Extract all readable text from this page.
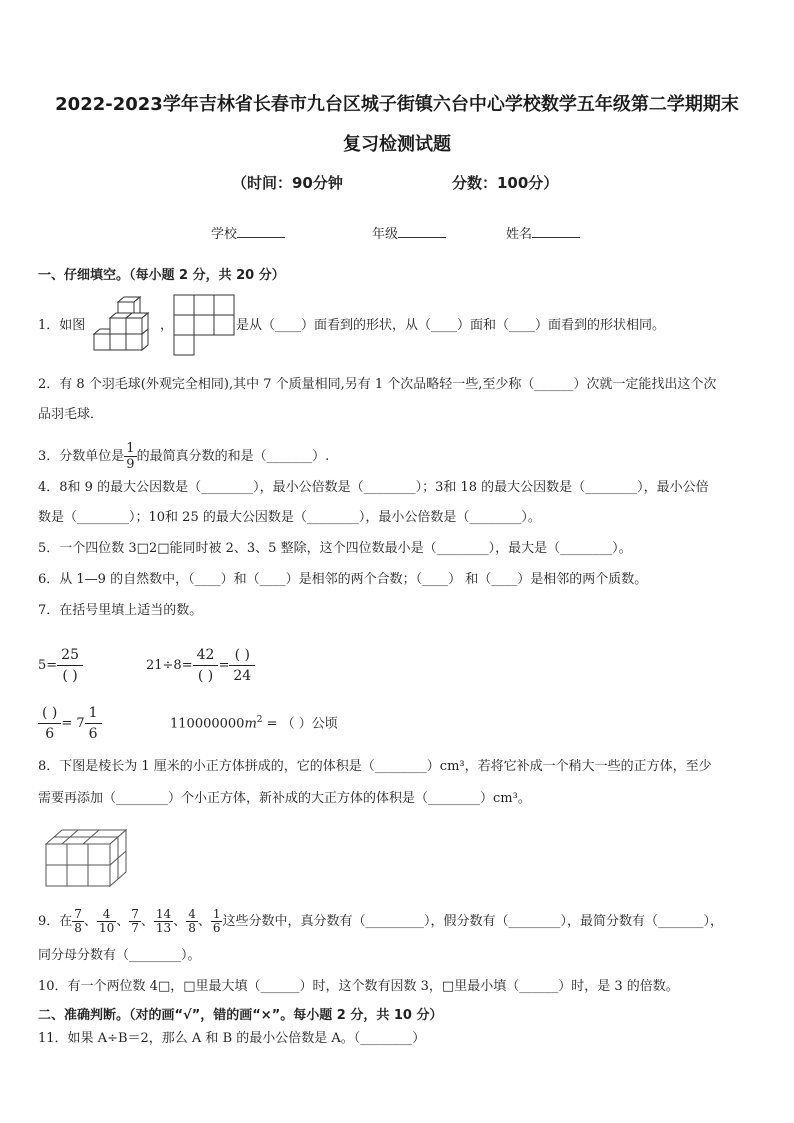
2022-2023学年吉林省长春市九台区城子街镇六台中心学校数学五年级第二学期期末
复习检测试题
（时间：90分钟	分数：100分）
学校	年级	姓名
一、仔细填空。（每小题 2 分，共 20 分）
1．如图	，	是从（____）面看到的形状，从（____）面和（____）面看到的形状相同。
2．有 8 个羽毛球(外观完全相同),其中 7 个质量相同,另有 1 个次品略轻一些,至少称（______）次就一定能找出这个次
品羽毛球．
3．分数单位是 $\frac{1}{9}$ 的最简真分数的和是（_______）.
4．8和 9 的最大公因数是（________），最小公倍数是（________）；3和 18 的最大公因数是（________），最小公倍
数是（________）；10和 25 的最大公因数是（________），最小公倍数是（________）。
5．一个四位数 3□2□能同时被 2、3、5 整除，这个四位数最小是（________），最大是（________）。
6．从 1—9 的自然数中，（____）和（____）是相邻的两个合数；（____） 和（____）是相邻的两个质数。
7．在括号里填上适当的数。
$5= \frac{25}{( )}$	$21\div 8= \frac{42}{( )} = \frac{( )}{24}$
$\frac{( )}{6} = 7 \frac{1}{6}$	$110000000m^2$ = （ ）公顷
8．下图是棱长为 1 厘米的小正方体拼成的，它的体积是（________）cm³，若将它补成一个稍大一些的正方体，至少
需要再添加（________）个小正方体，新补成的大正方体的体积是（________）cm³。
9．在 $\frac{7}{8}$ 、 $\frac{4}{10}$ 、 $\frac{7}{7}$ 、 $\frac{14}{13}$ 、 $\frac{4}{8}$ 、 $\frac{1}{6}$ 这些分数中，真分数有（_________），假分数有（________），最简分数有（_______），
同分母分数有（________）。
10．有一个两位数 4□，□里最大填（______）时，这个数有因数 3，□里最小填（______）时，是 3 的倍数。
二、准确判断。（对的画“√”，错的画“×”。每小题 2 分，共 10 分）
11．如果 A÷B＝2，那么 A 和 B 的最小公倍数是 A。（________）
